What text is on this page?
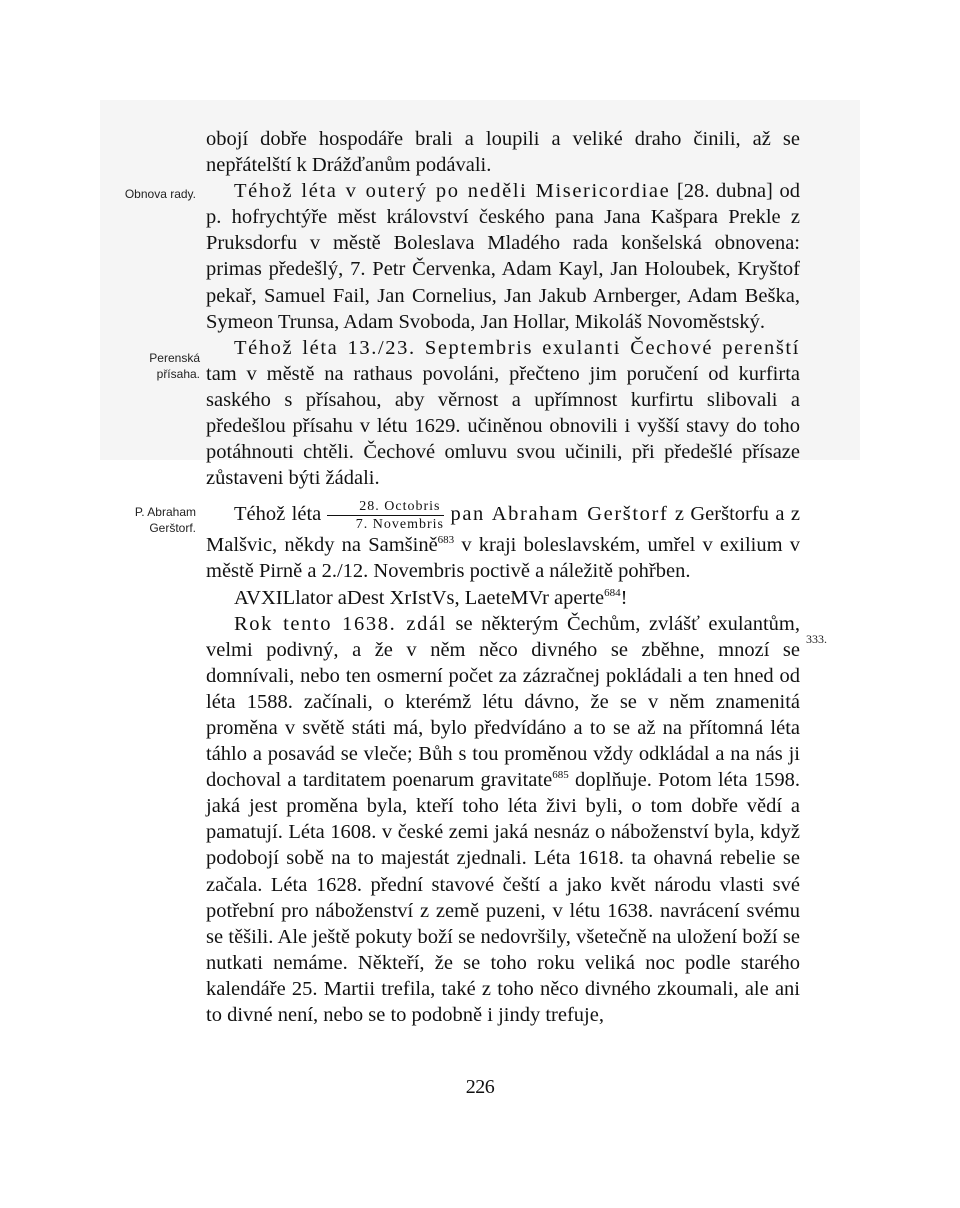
Obnova rady.
Perenská
přísaha.
P. Abraham
Gerštorf.
333.

obojí dobře hospodáře brali a loupili a veliké draho činili, až se nepřátelští k Drážďanům podávali.

Téhož léta v outerý po neděli Misericordiae [28. dubna] od p. hofrychtýře měst království českého pana Jana Kašpara Prekle z Pruksdorfu v městě Boleslava Mladého rada konšelská obnovena: primas předešlý, 7. Petr Červenka, Adam Kayl, Jan Holoubek, Kryštof pekař, Samuel Fail, Jan Cornelius, Jan Jakub Arnberger, Adam Beška, Symeon Trunsa, Adam Svoboda, Jan Hollar, Mikoláš Novoměstský.

Téhož léta 13./23. Septembris exulanti Čechové perenští tam v městě na rathaus povoláni, přečteno jim poručení od kurfirta saského s přísahou, aby věrnost a upřímnost kurfirtu slibovali a předešlou přísahu v létu 1629. učiněnou obnovili i vyšší stavy do toho potáhnouti chtěli. Čechové omluvu svou učinili, při předešlé přísaze zůstaveni býti žádali.

Téhož léta $\frac{\text{28. Octobris}}{\text{7. Novembris}}$ pan Abraham Gerštorf z Gerštorfu a z Malšvic, někdy na Samšině$^{683}$ v kraji boleslavském, umřel v exilium v městě Pirně a 2./12. Novembris poctivě a náležitě pohřben.

AVXILlator aDest XrIstVs, LaeteMVr aperte$^{684}$!

Rok tento 1638. zdál se některým Čechům, zvlášť exulantům, velmi podivný, a že v něm něco divného se zběhne, mnozí se domnívali, nebo ten osmerní počet za zázračnej pokládali a ten hned od léta 1588. začínali, o kterémž létu dávno, že se v něm znamenitá proměna v světě státi má, bylo předvídáno a to se až na přítomná léta táhlo a posavád se vleče; Bůh s tou proměnou vždy odkládal a na nás ji dochoval a tarditatem poenarum gravitate$^{685}$ doplňuje. Potom léta 1598. jaká jest proměna byla, kteří toho léta živi byli, o tom dobře vědí a pamatují. Léta 1608. v české zemi jaká nesnáz o náboženství byla, když podobojí sobě na to majestát zjednali. Léta 1618. ta ohavná rebelie se začala. Léta 1628. přední stavové čeští a jako květ národu vlasti své potřební pro náboženství z země puzeni, v létu 1638. navrácení svému se těšili. Ale ještě pokuty boží se nedovršily, všetečně na uložení boží se nutkati nemáme. Někteří, že se toho roku veliká noc podle starého kalendáře 25. Martii trefila, také z toho něco divného zkoumali, ale ani to divné není, nebo se to podobně i jindy trefuje,

226
